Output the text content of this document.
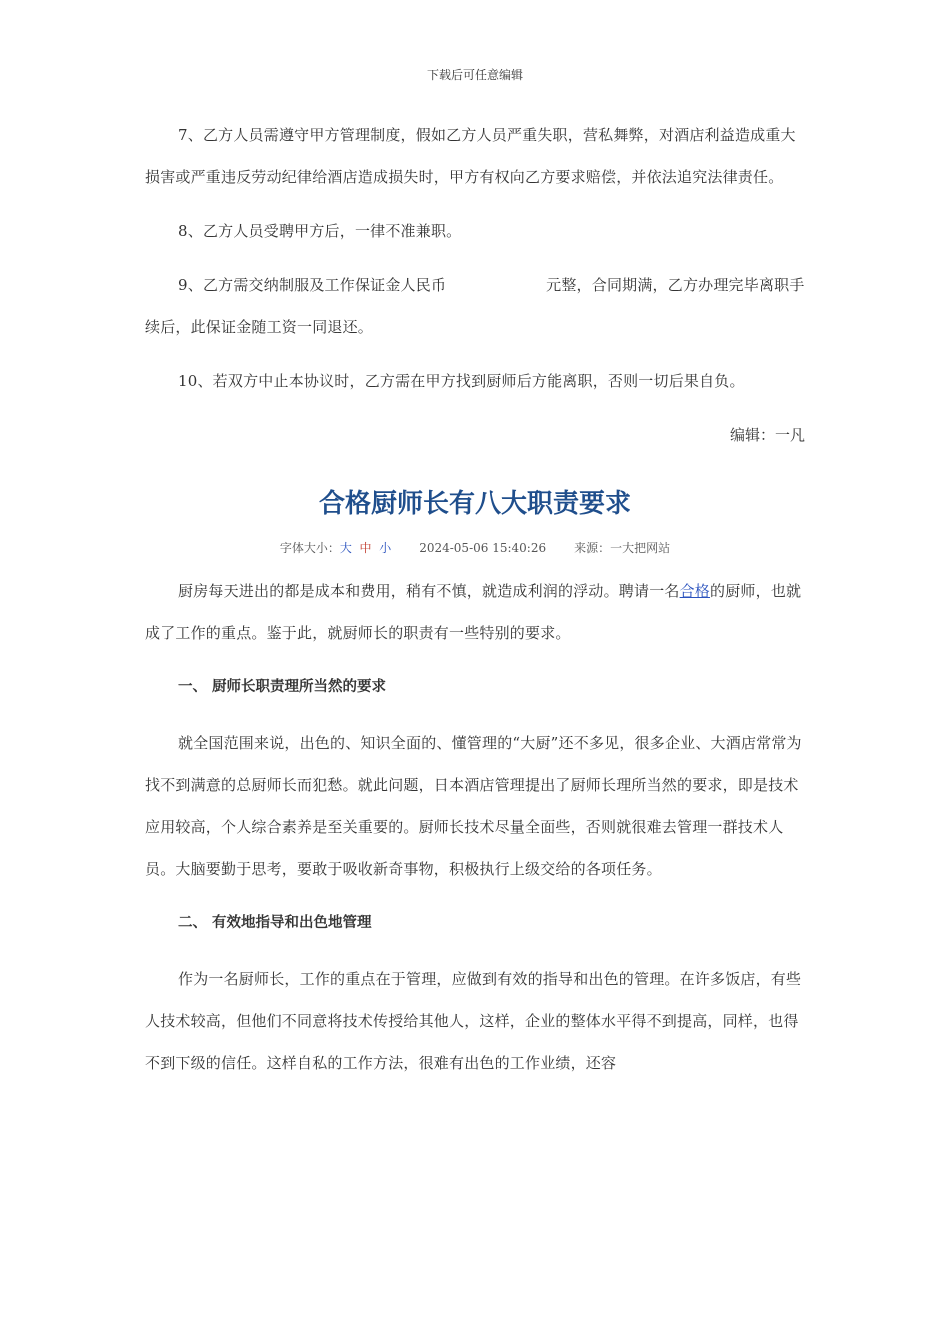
下载后可任意编辑

7、乙方人员需遵守甲方管理制度，假如乙方人员严重失职，营私舞弊，对酒店利益造成重大损害或严重违反劳动纪律给酒店造成损失时，甲方有权向乙方要求赔偿，并依法追究法律责任。

8、乙方人员受聘甲方后，一律不准兼职。

9、乙方需交纳制服及工作保证金人民币	元整，合同期满，乙方办理完毕离职手续后，此保证金随工资一同退还。

10、若双方中止本协议时，乙方需在甲方找到厨师后方能离职，否则一切后果自负。

编辑：一凡

合格厨师长有八大职责要求

字体大小：大 中 小 2024-05-06 15:40:26 来源：一大把网站

厨房每天进出的都是成本和费用，稍有不慎，就造成利润的浮动。聘请一名合格的厨师，也就成了工作的重点。鉴于此，就厨师长的职责有一些特别的要求。

一、 厨师长职责理所当然的要求

就全国范围来说，出色的、知识全面的、懂管理的“大厨”还不多见，很多企业、大酒店常常为找不到满意的总厨师长而犯愁。就此问题，日本酒店管理提出了厨师长理所当然的要求，即是技术应用较高，个人综合素养是至关重要的。厨师长技术尽量全面些，否则就很难去管理一群技术人员。大脑要勤于思考，要敢于吸收新奇事物，积极执行上级交给的各项任务。

二、 有效地指导和出色地管理

作为一名厨师长，工作的重点在于管理，应做到有效的指导和出色的管理。在许多饭店，有些人技术较高，但他们不同意将技术传授给其他人，这样，企业的整体水平得不到提高，同样，也得不到下级的信任。这样自私的工作方法，很难有出色的工作业绩，还容
